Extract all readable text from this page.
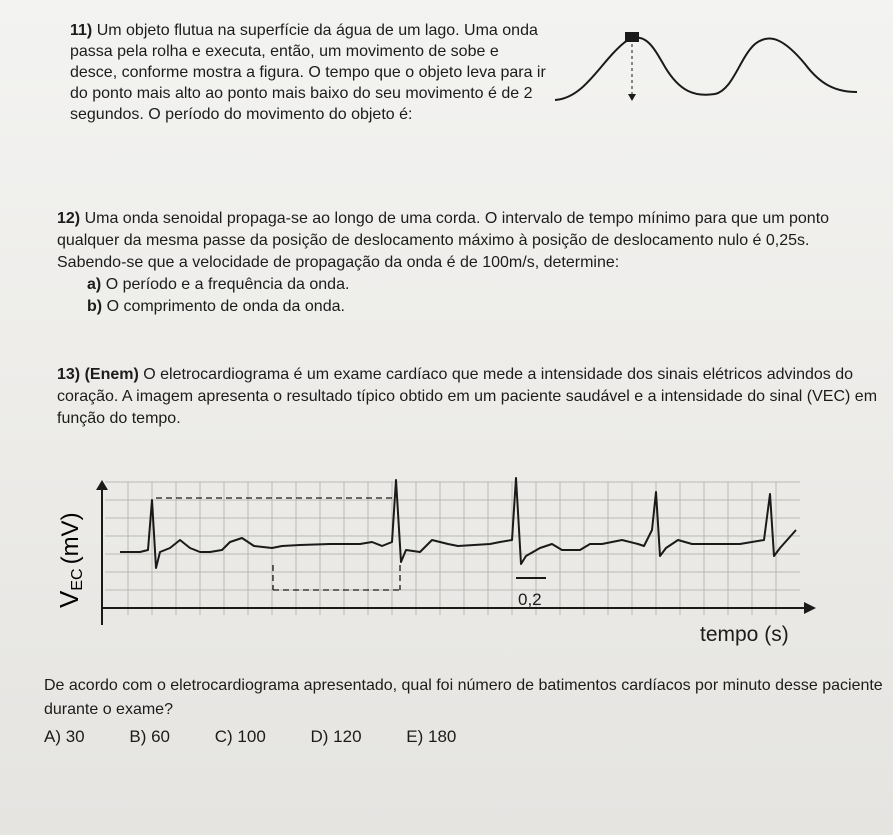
11) Um objeto flutua na superfície da água de um lago. Uma onda passa pela rolha e executa, então, um movimento de sobe e desce, conforme mostra a figura. O tempo que o objeto leva para ir do ponto mais alto ao ponto mais baixo do seu movimento é de 2 segundos. O período do movimento do objeto é:
12) Uma onda senoidal propaga-se ao longo de uma corda. O intervalo de tempo mínimo para que um ponto qualquer da mesma passe da posição de deslocamento máximo à posição de deslocamento nulo é 0,25s. Sabendo-se que a velocidade de propagação da onda é de 100m/s, determine:
a) O período e a frequência da onda.
b) O comprimento de onda da onda.
13) (Enem) O eletrocardiograma é um exame cardíaco que mede a intensidade dos sinais elétricos advindos do coração. A imagem apresenta o resultado típico obtido em um paciente saudável e a intensidade do sinal (VEC) em função do tempo.
VEC(mV)
0,2
tempo (s)
De acordo com o eletrocardiograma apresentado, qual foi número de batimentos cardíacos por minuto desse paciente durante o exame?
A) 30	B) 60	C) 100	D) 120	E) 180
